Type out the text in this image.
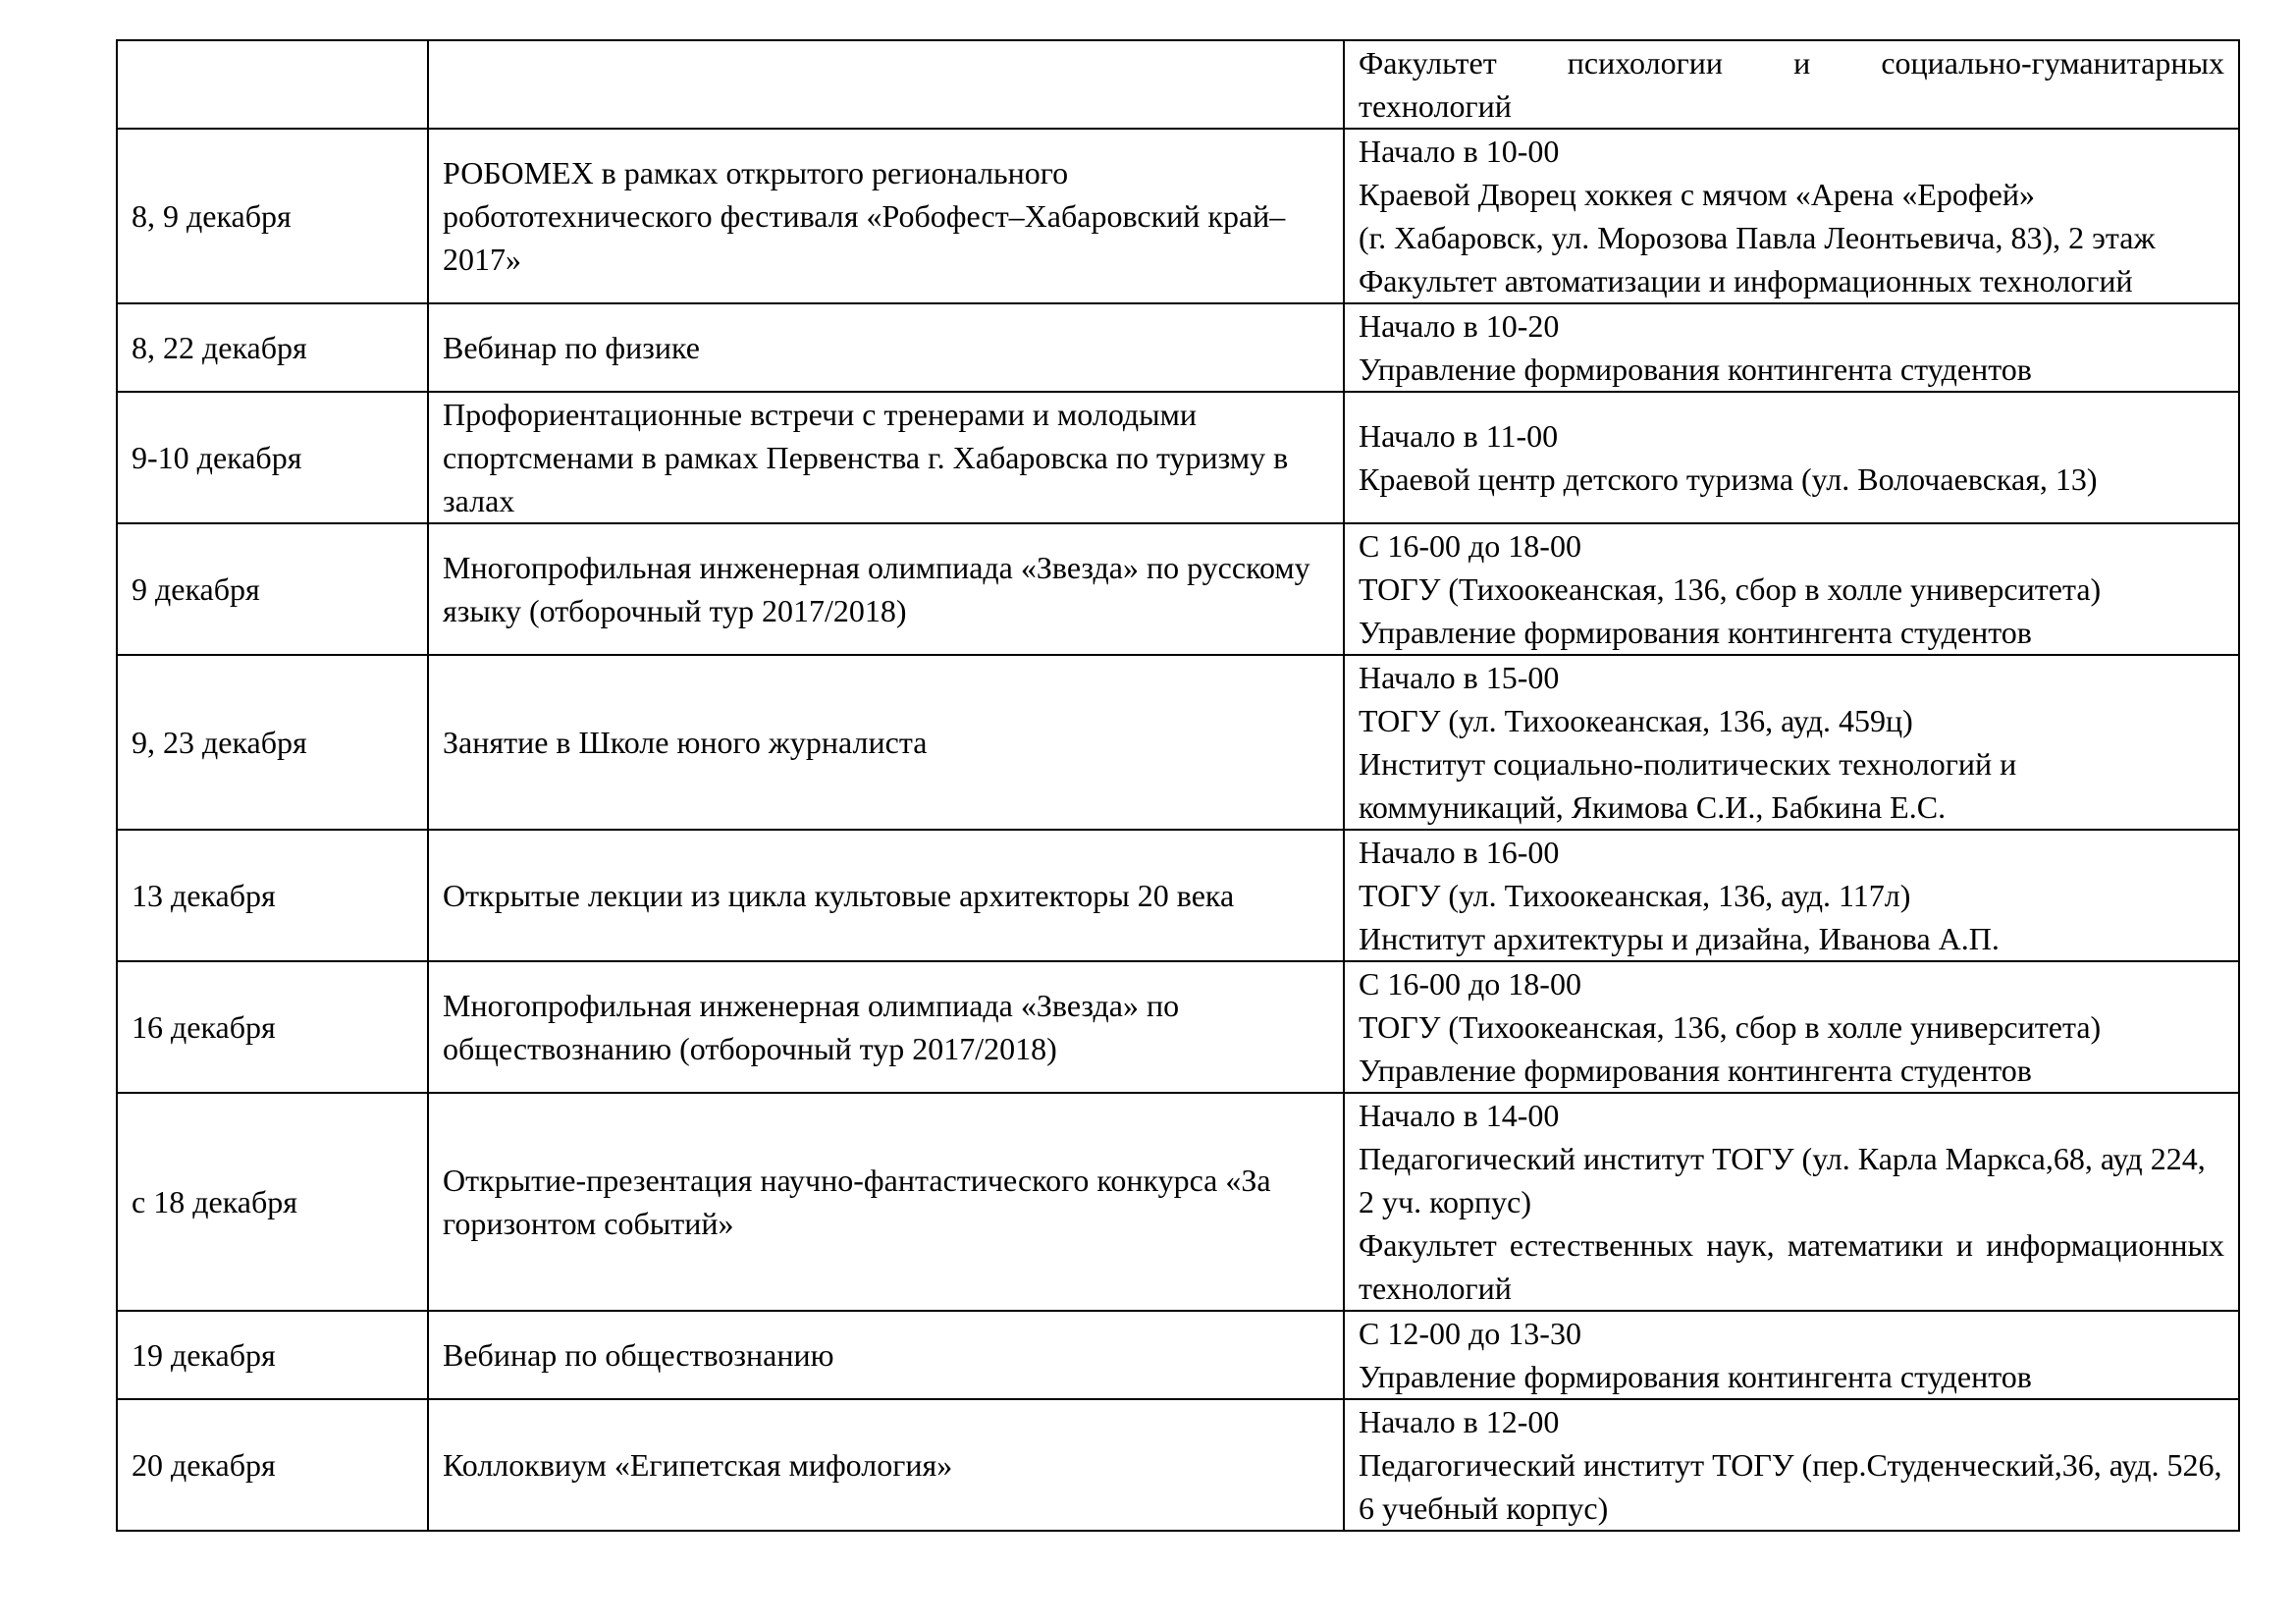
		Факультет психологии и социально-гуманитарных
технологий

8, 9 декабря	РОБОМЕХ в рамках открытого регионального робототехнического фестиваля «Робофест–Хабаровский край–2017»	Начало в 10-00
Краевой Дворец хоккея с мячом «Арена «Ерофей»
(г. Хабаровск, ул. Морозова Павла Леонтьевича, 83), 2 этаж
Факультет автоматизации и информационных технологий

8, 22 декабря	Вебинар по физике	Начало в 10-20
Управление формирования контингента студентов

9-10 декабря	Профориентационные встречи с тренерами и молодыми спортсменами в рамках Первенства г. Хабаровска по туризму в залах	Начало в 11-00
Краевой центр детского туризма (ул. Волочаевская, 13)

9 декабря	Многопрофильная инженерная олимпиада «Звезда» по русскому языку (отборочный тур 2017/2018)	С 16-00 до 18-00
ТОГУ (Тихоокеанская, 136, сбор в холле университета)
Управление формирования контингента студентов

9, 23 декабря	Занятие в Школе юного журналиста	Начало в 15-00
ТОГУ (ул. Тихоокеанская, 136, ауд. 459ц)
Институт социально-политических технологий и коммуникаций, Якимова С.И., Бабкина Е.С.

13 декабря	Открытые лекции из цикла культовые архитекторы 20 века	Начало в 16-00
ТОГУ (ул. Тихоокеанская, 136, ауд. 117л)
Институт архитектуры и дизайна, Иванова А.П.

16 декабря	Многопрофильная инженерная олимпиада «Звезда» по обществознанию (отборочный тур 2017/2018)	С 16-00 до 18-00
ТОГУ (Тихоокеанская, 136, сбор в холле университета)
Управление формирования контингента студентов

с 18 декабря	Открытие-презентация научно-фантастического конкурса «За горизонтом событий»	Начало в 14-00
Педагогический институт ТОГУ (ул. Карла Маркса,68, ауд 224, 2 уч. корпус)
Факультет естественных наук, математики и информационных технологий

19 декабря	Вебинар по обществознанию	С 12-00 до 13-30
Управление формирования контингента студентов

20 декабря	Коллоквиум «Египетская мифология»	Начало в 12-00
Педагогический институт ТОГУ (пер.Студенческий,36, ауд. 526, 6 учебный корпус)
